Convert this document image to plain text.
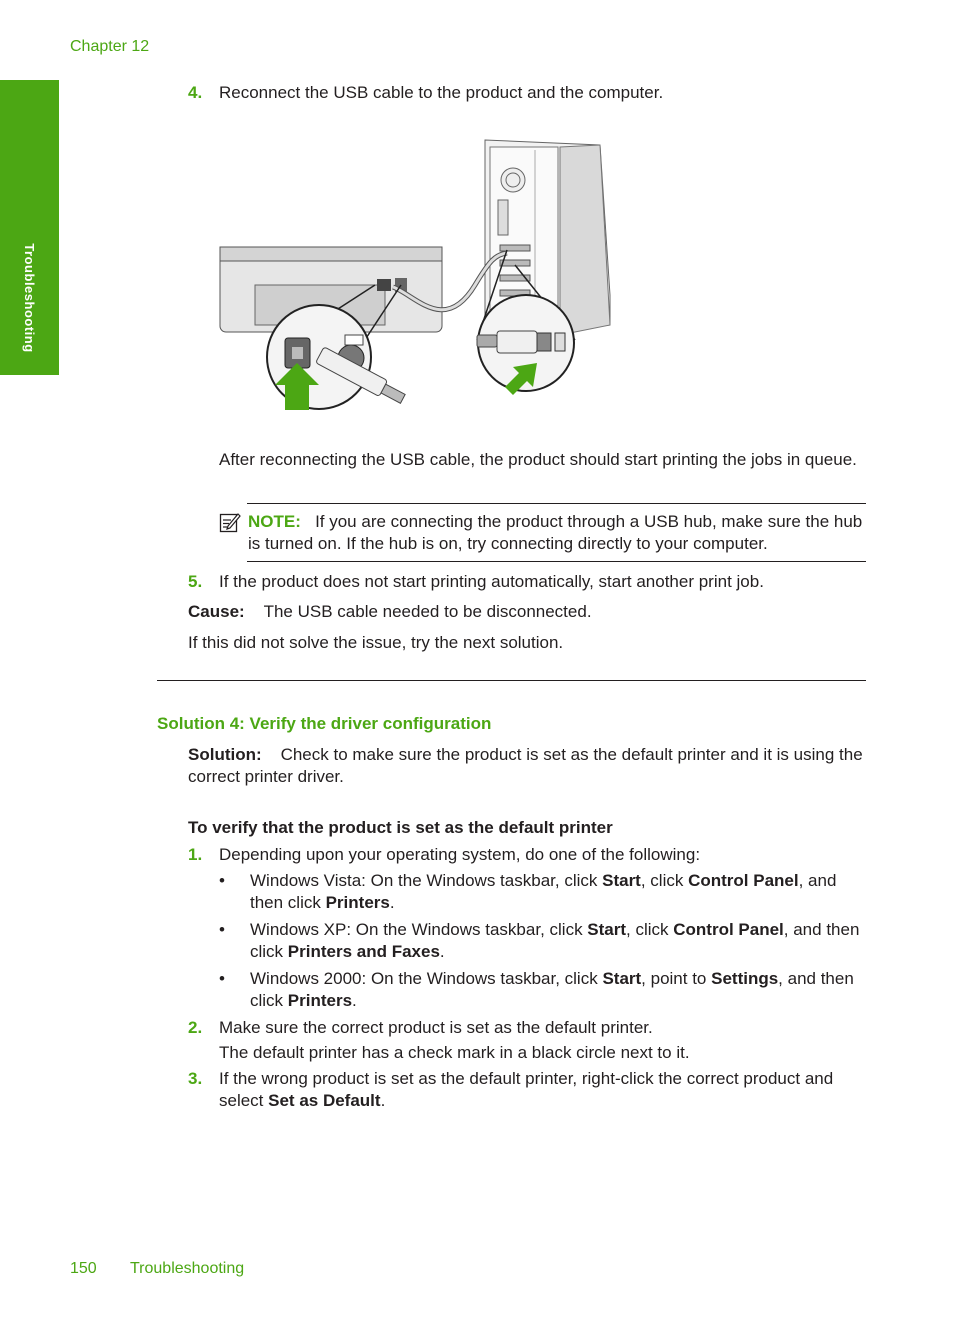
Chapter 12
Troubleshooting
4. Reconnect the USB cable to the product and the computer.
After reconnecting the USB cable, the product should start printing the jobs in queue.
NOTE: If you are connecting the product through a USB hub, make sure the hub is turned on. If the hub is on, try connecting directly to your computer.
5. If the product does not start printing automatically, start another print job.
Cause: The USB cable needed to be disconnected.
If this did not solve the issue, try the next solution.
Solution 4: Verify the driver configuration
Solution: Check to make sure the product is set as the default printer and it is using the correct printer driver.
To verify that the product is set as the default printer
1. Depending upon your operating system, do one of the following:
• Windows Vista: On the Windows taskbar, click Start, click Control Panel, and then click Printers.
• Windows XP: On the Windows taskbar, click Start, click Control Panel, and then click Printers and Faxes.
• Windows 2000: On the Windows taskbar, click Start, point to Settings, and then click Printers.
2. Make sure the correct product is set as the default printer.
The default printer has a check mark in a black circle next to it.
3. If the wrong product is set as the default printer, right-click the correct product and select Set as Default.
150 Troubleshooting
